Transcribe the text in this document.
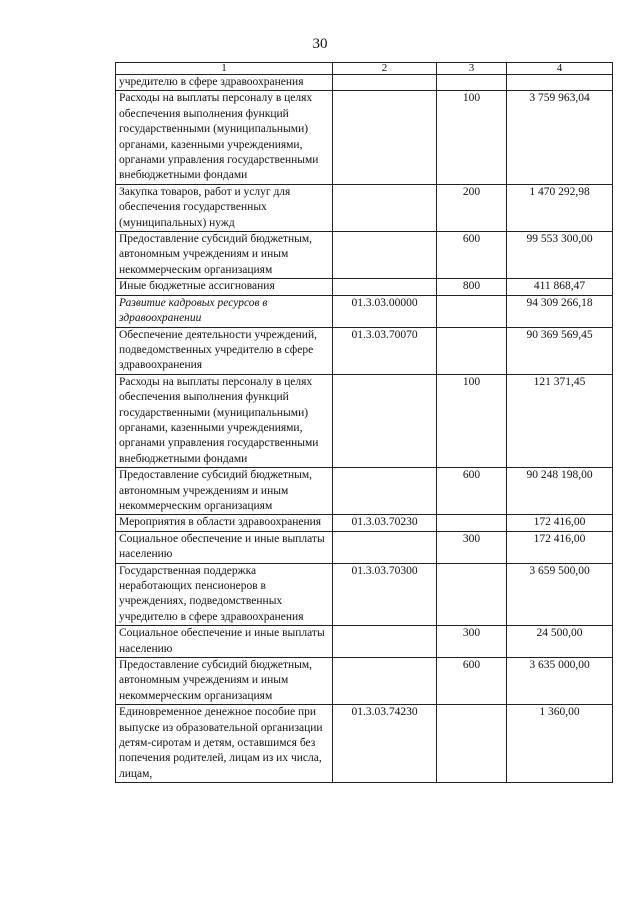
30
1	2	3	4
учредителю в сфере здравоохранения			
Расходы на выплаты персоналу в целях обеспечения выполнения функций государственными (муниципальными) органами, казенными учреждениями, органами управления государственными внебюджетными фондами		100	3 759 963,04
Закупка товаров, работ и услуг для обеспечения государственных (муниципальных) нужд		200	1 470 292,98
Предоставление субсидий бюджетным, автономным учреждениям и иным некоммерческим организациям		600	99 553 300,00
Иные бюджетные ассигнования		800	411 868,47
Развитие кадровых ресурсов в здравоохранении	01.3.03.00000		94 309 266,18
Обеспечение деятельности учреждений, подведомственных учредителю в сфере здравоохранения	01.3.03.70070		90 369 569,45
Расходы на выплаты персоналу в целях обеспечения выполнения функций государственными (муниципальными) органами, казенными учреждениями, органами управления государственными внебюджетными фондами		100	121 371,45
Предоставление субсидий бюджетным, автономным учреждениям и иным некоммерческим организациям		600	90 248 198,00
Мероприятия в области здравоохранения	01.3.03.70230		172 416,00
Социальное обеспечение и иные выплаты населению		300	172 416,00
Государственная поддержка неработающих пенсионеров в учреждениях, подведомственных учредителю в сфере здравоохранения	01.3.03.70300		3 659 500,00
Социальное обеспечение и иные выплаты населению		300	24 500,00
Предоставление субсидий бюджетным, автономным учреждениям и иным некоммерческим организациям		600	3 635 000,00
Единовременное денежное пособие при выпуске из образовательной организации детям-сиротам и детям, оставшимся без попечения родителей, лицам из их числа, лицам,	01.3.03.74230		1 360,00
